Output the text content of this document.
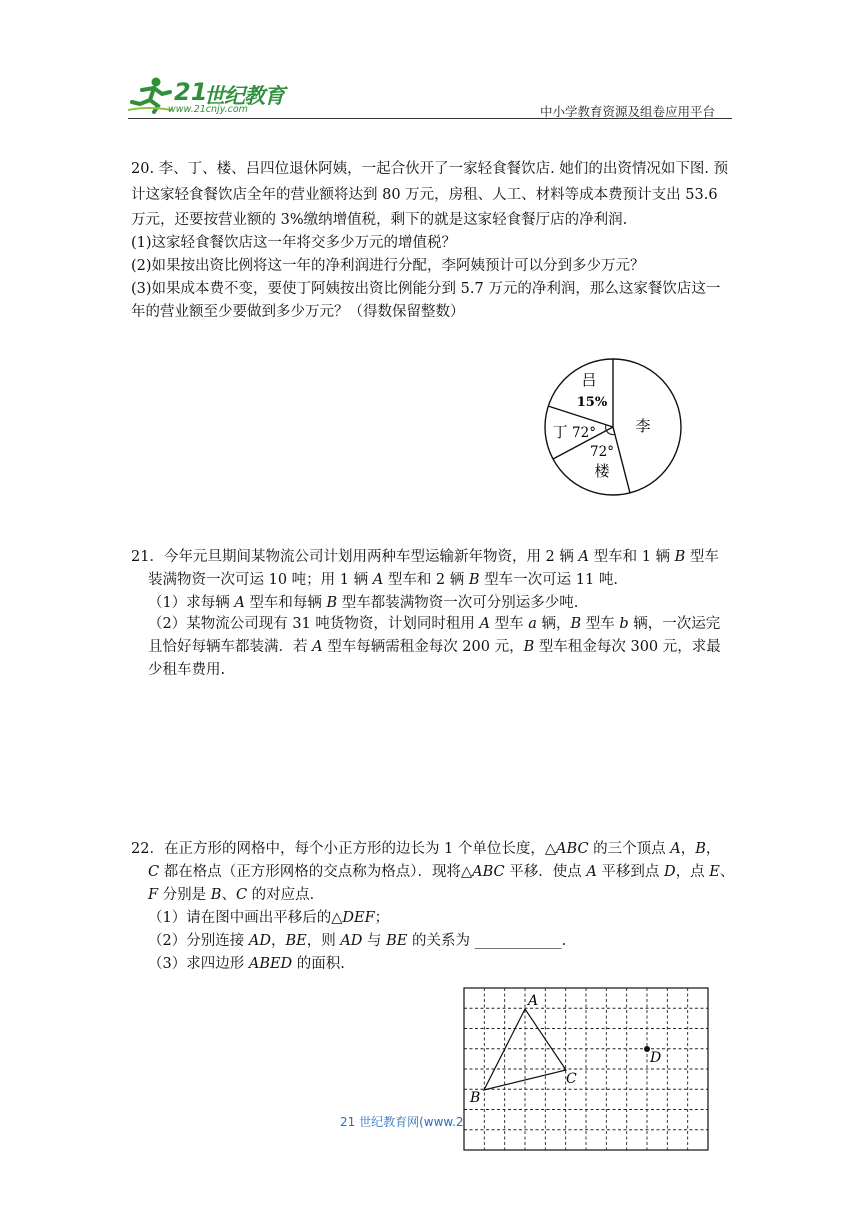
21
世纪教育
www.21cnjy.com	中小学教育资源及组卷应用平台
20. 李、丁、楼、吕四位退休阿姨，一起合伙开了一家轻食餐饮店. 她们的出资情况如下图. 预
计这家轻食餐饮店全年的营业额将达到 80 万元，房租、人工、材料等成本费预计支出 53.6
万元，还要按营业额的 3%缴纳增值税，剩下的就是这家轻食餐厅店的净利润.
(1)这家轻食餐饮店这一年将交多少万元的增值税？
(2)如果按出资比例将这一年的净利润进行分配，李阿姨预计可以分到多少万元？
(3)如果成本费不变，要使丁阿姨按出资比例能分到 5.7 万元的净利润，那么这家餐饮店这一
年的营业额至少要做到多少万元？（得数保留整数）
吕
15%
丁 72°
72°
楼
李
21．今年元旦期间某物流公司计划用两种车型运输新年物资，用 2 辆 A 型车和 1 辆 B 型车
装满物资一次可运 10 吨；用 1 辆 A 型车和 2 辆 B 型车一次可运 11 吨.
（1）求每辆 A 型车和每辆 B 型车都装满物资一次可分别运多少吨.
（2）某物流公司现有 31 吨货物资，计划同时租用 A 型车 a 辆，B 型车 b 辆，一次运完
且恰好每辆车都装满．若 A 型车每辆需租金每次 200 元，B 型车租金每次 300 元，求最
少租车费用.
22．在正方形的网格中，每个小正方形的边长为 1 个单位长度，△ABC 的三个顶点 A，B，
C 都在格点（正方形网格的交点称为格点）．现将△ABC 平移．使点 A 平移到点 D，点 E、
F 分别是 B、C 的对应点．
（1）请在图中画出平移后的△DEF；
（2）分别连接 AD，BE，则 AD 与 BE 的关系为 ____________.
（3）求四边形 ABED 的面积.
A
B
C
D
21 世纪教育网(www.2
